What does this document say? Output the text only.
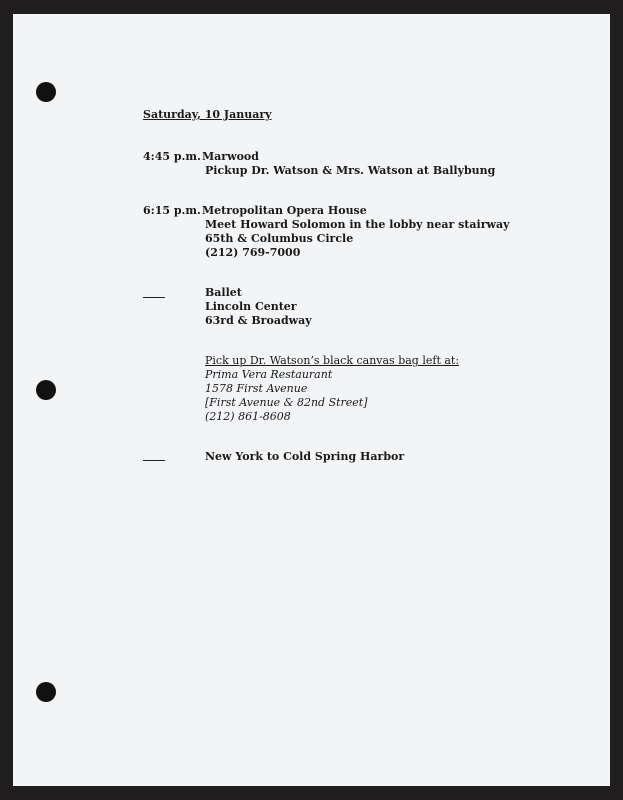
Saturday, 10 January
4:45 p.m. Marwood
Pickup Dr. Watson & Mrs. Watson at Ballybung
6:15 p.m. Metropolitan Opera House
Meet Howard Solomon in the lobby near stairway
65th & Columbus Circle
(212) 769-7000
Ballet
Lincoln Center
63rd & Broadway
Pick up Dr. Watson’s black canvas bag left at:
Prima Vera Restaurant
1578 First Avenue
[First Avenue & 82nd Street]
(212) 861-8608
New York to Cold Spring Harbor
